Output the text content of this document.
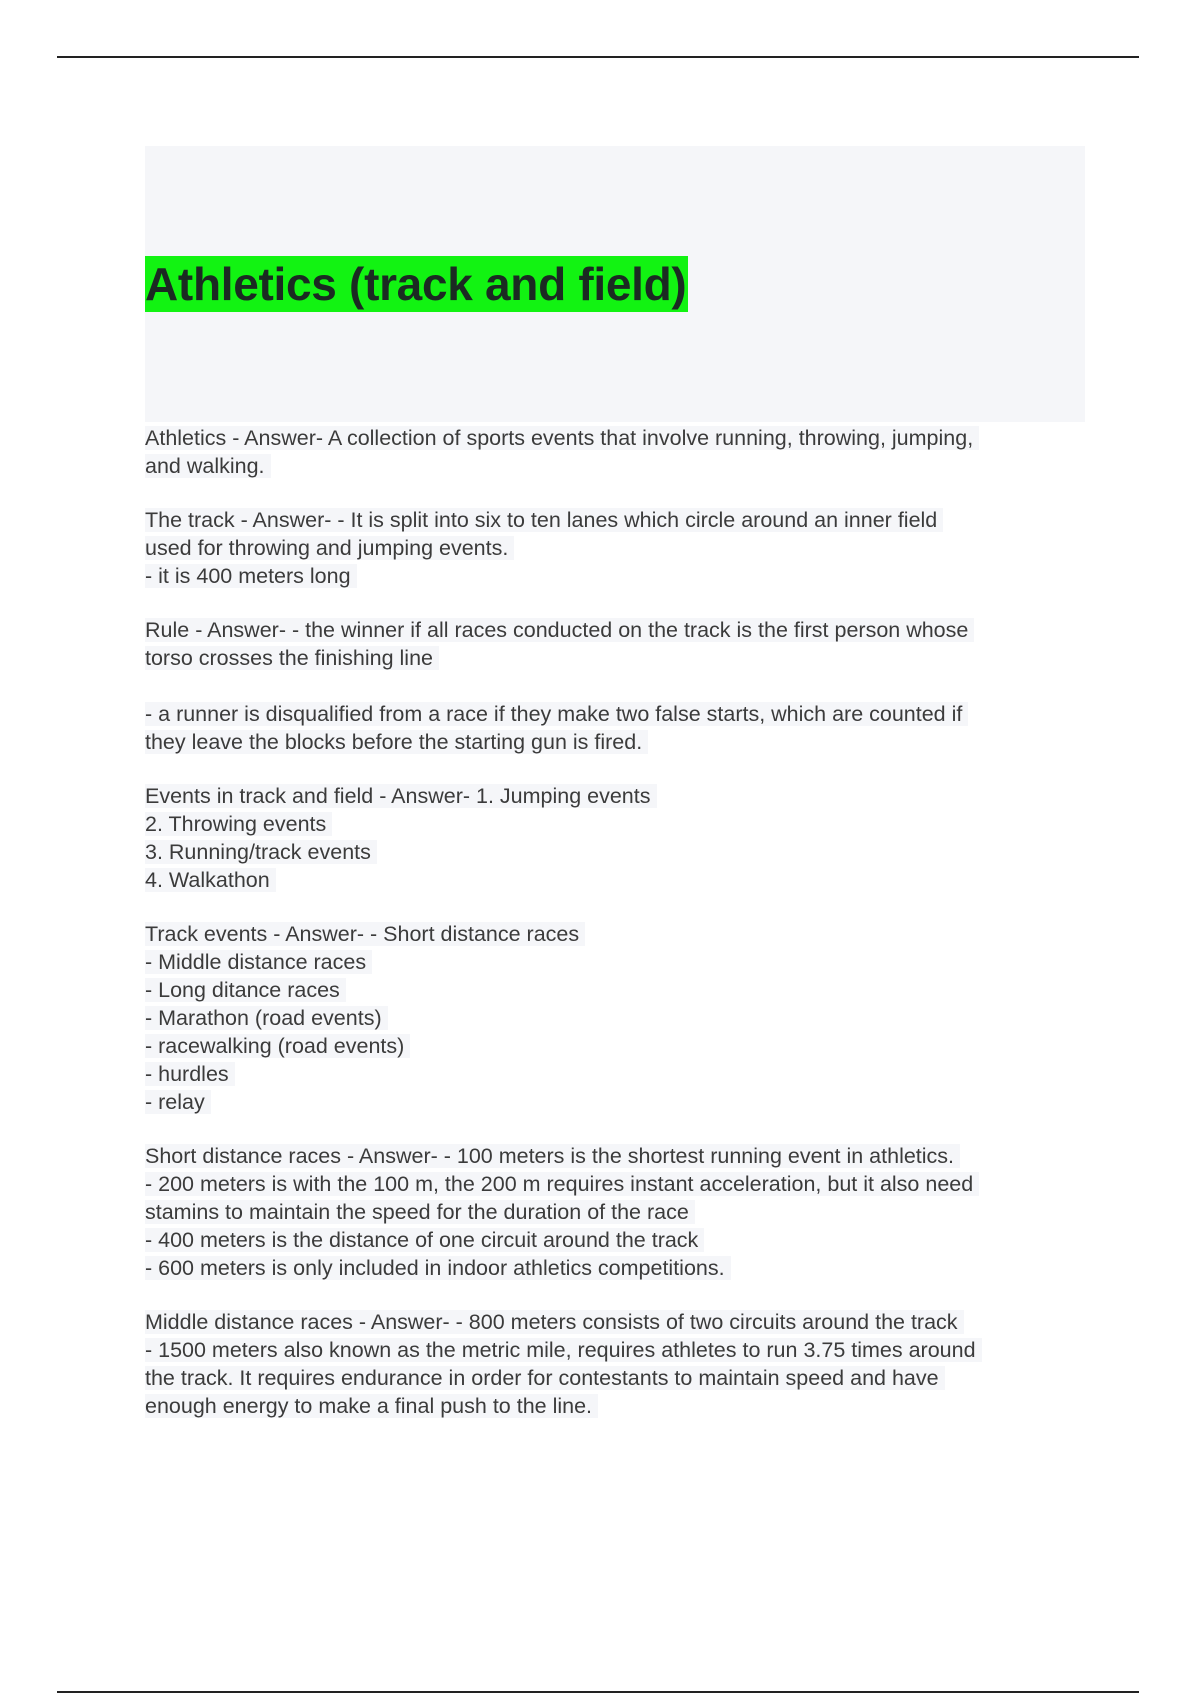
Athletics (track and field)
Athletics - Answer- A collection of sports events that involve running, throwing, jumping,
and walking.
The track - Answer- - It is split into six to ten lanes which circle around an inner field
used for throwing and jumping events.
- it is 400 meters long
Rule - Answer- - the winner if all races conducted on the track is the first person whose
torso crosses the finishing line
- a runner is disqualified from a race if they make two false starts, which are counted if
they leave the blocks before the starting gun is fired.
Events in track and field - Answer- 1. Jumping events
2. Throwing events
3. Running/track events
4. Walkathon
Track events - Answer- - Short distance races
- Middle distance races
- Long ditance races
- Marathon (road events)
- racewalking (road events)
- hurdles
- relay
Short distance races - Answer- - 100 meters is the shortest running event in athletics.
- 200 meters is with the 100 m, the 200 m requires instant acceleration, but it also need
stamins to maintain the speed for the duration of the race
- 400 meters is the distance of one circuit around the track
- 600 meters is only included in indoor athletics competitions.
Middle distance races - Answer- - 800 meters consists of two circuits around the track
- 1500 meters also known as the metric mile, requires athletes to run 3.75 times around
the track. It requires endurance in order for contestants to maintain speed and have
enough energy to make a final push to the line.
